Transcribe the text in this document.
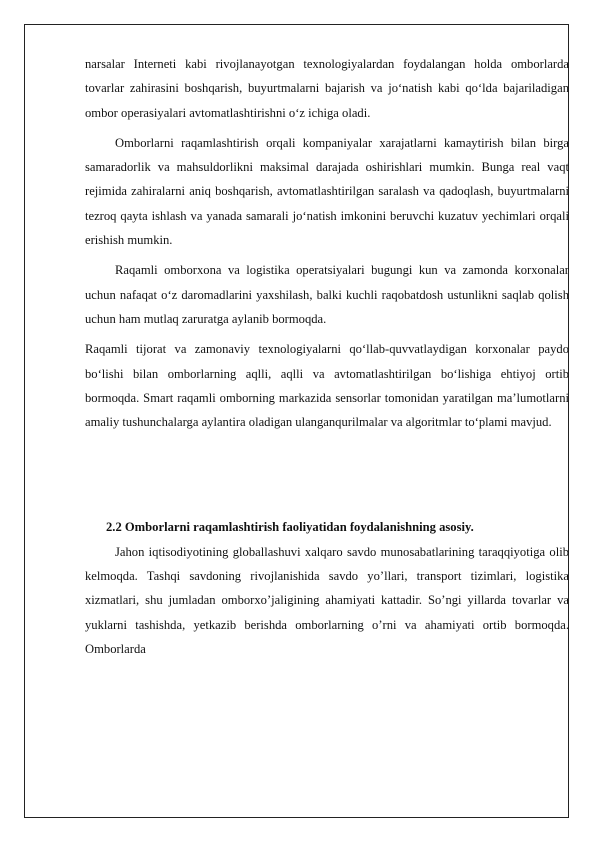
narsalar Interneti kabi rivojlanayotgan texnologiyalardan foydalangan holda omborlarda tovarlar zahirasini boshqarish, buyurtmalarni bajarish va jo‘natish kabi qo‘lda bajariladigan ombor operasiyalari avtomatlashtirishni o‘z ichiga oladi.

Omborlarni raqamlashtirish orqali kompaniyalar xarajatlarni kamaytirish bilan birga samaradorlik va mahsuldorlikni maksimal darajada oshirishlari mumkin. Bunga real vaqt rejimida zahiralarni aniq boshqarish, avtomatlashtirilgan saralash va qadoqlash, buyurtmalarni tezroq qayta ishlash va yanada samarali jo‘natish imkonini beruvchi kuzatuv yechimlari orqali erishish mumkin.

Raqamli omborxona va logistika operatsiyalari bugungi kun va zamonda korxonalar uchun nafaqat o‘z daromadlarini yaxshilash, balki kuchli raqobatdosh ustunlikni saqlab qolish uchun ham mutlaq zaruratga aylanib bormoqda.

Raqamli tijorat va zamonaviy texnologiyalarni qo‘llab-quvvatlaydigan korxonalar paydo bo‘lishi bilan omborlarning aqlli, aqlli va avtomatlashtirilgan bo‘lishiga ehtiyoj ortib bormoqda. Smart raqamli omborning markazida sensorlar tomonidan yaratilgan ma’lumotlarni amaliy tushunchalarga aylantira oladigan ulanganqurilmalar va algoritmlar to‘plami mavjud.

2.2 Omborlarni raqamlashtirish faoliyatidan foydalanishning asosiy.

Jahon iqtisodiyotining globallashuvi xalqaro savdo munosabatlarining taraqqiyotiga olib kelmoqda. Tashqi savdoning rivojlanishida savdo yo’llari, transport tizimlari, logistika xizmatlari, shu jumladan omborxo’jaligining ahamiyati kattadir. So’ngi yillarda tovarlar va yuklarni tashishda, yetkazib berishda omborlarning o’rni va ahamiyati ortib bormoqda. Omborlarda
